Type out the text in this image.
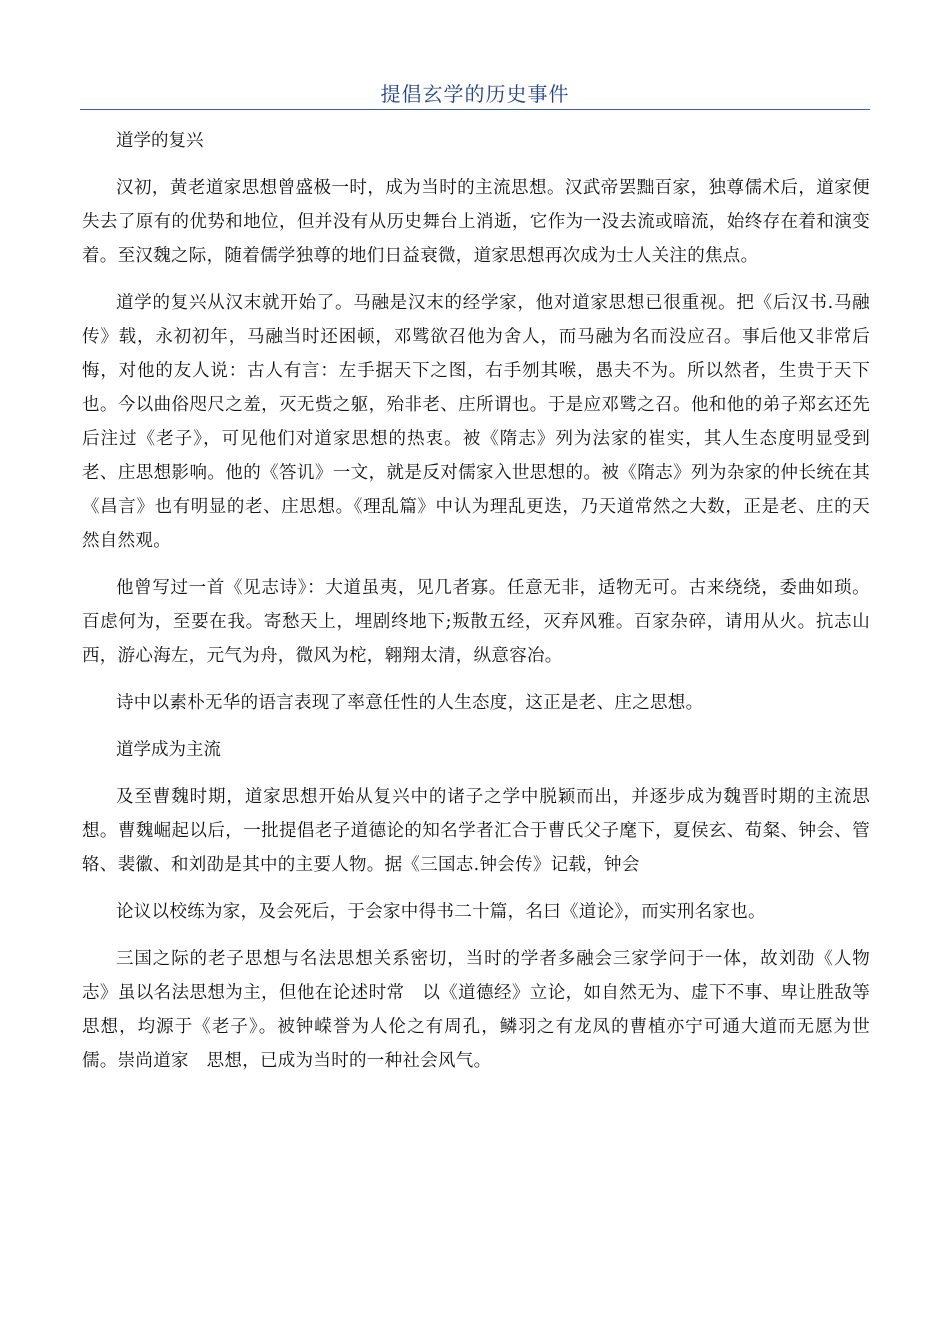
提倡玄学的历史事件

道学的复兴

汉初，黄老道家思想曾盛极一时，成为当时的主流思想。汉武帝罢黜百家，独尊儒术后，道家便失去了原有的优势和地位，但并没有从历史舞台上消逝，它作为一没去流或暗流，始终存在着和演变着。至汉魏之际，随着儒学独尊的地们日益衰微，道家思想再次成为士人关注的焦点。

道学的复兴从汉末就开始了。马融是汉末的经学家，他对道家思想已很重视。把《后汉书.马融传》载，永初初年，马融当时还困顿，邓骘欲召他为舍人，而马融为名而没应召。事后他又非常后悔，对他的友人说：古人有言：左手据天下之图，右手刎其喉，愚夫不为。所以然者，生贵于天下也。今以曲俗咫尺之羞，灭无赀之躯，殆非老、庄所谓也。于是应邓骘之召。他和他的弟子郑玄还先后注过《老子》，可见他们对道家思想的热衷。被《隋志》列为法家的崔实，其人生态度明显受到老、庄思想影响。他的《答讥》一文，就是反对儒家入世思想的。被《隋志》列为杂家的仲长统在其《昌言》也有明显的老、庄思想。《理乱篇》中认为理乱更迭，乃天道常然之大数，正是老、庄的天然自然观。

他曾写过一首《见志诗》：大道虽夷，见几者寡。任意无非，适物无可。古来绕绕，委曲如琐。百虑何为，至要在我。寄愁天上，埋剧终地下;叛散五经，灭弃风雅。百家杂碎，请用从火。抗志山西，游心海左，元气为舟，微风为柁，翱翔太清，纵意容冶。

诗中以素朴无华的语言表现了率意任性的人生态度，这正是老、庄之思想。

道学成为主流

及至曹魏时期，道家思想开始从复兴中的诸子之学中脱颖而出，并逐步成为魏晋时期的主流思想。曹魏崛起以后，一批提倡老子道德论的知名学者汇合于曹氏父子麾下，夏侯玄、荀粲、钟会、管辂、裴徽、和刘劭是其中的主要人物。据《三国志.钟会传》记载，钟会

论议以校练为家，及会死后，于会家中得书二十篇，名曰《道论》，而实刑名家也。

三国之际的老子思想与名法思想关系密切，当时的学者多融会三家学问于一体，故刘劭《人物志》虽以名法思想为主，但他在论述时常　以《道德经》立论，如自然无为、虚下不事、卑让胜敌等思想，均源于《老子》。被钟嵘誉为人伦之有周孔，鳞羽之有龙凤的曹植亦宁可通大道而无愿为世儒。崇尚道家　思想，已成为当时的一种社会风气。
